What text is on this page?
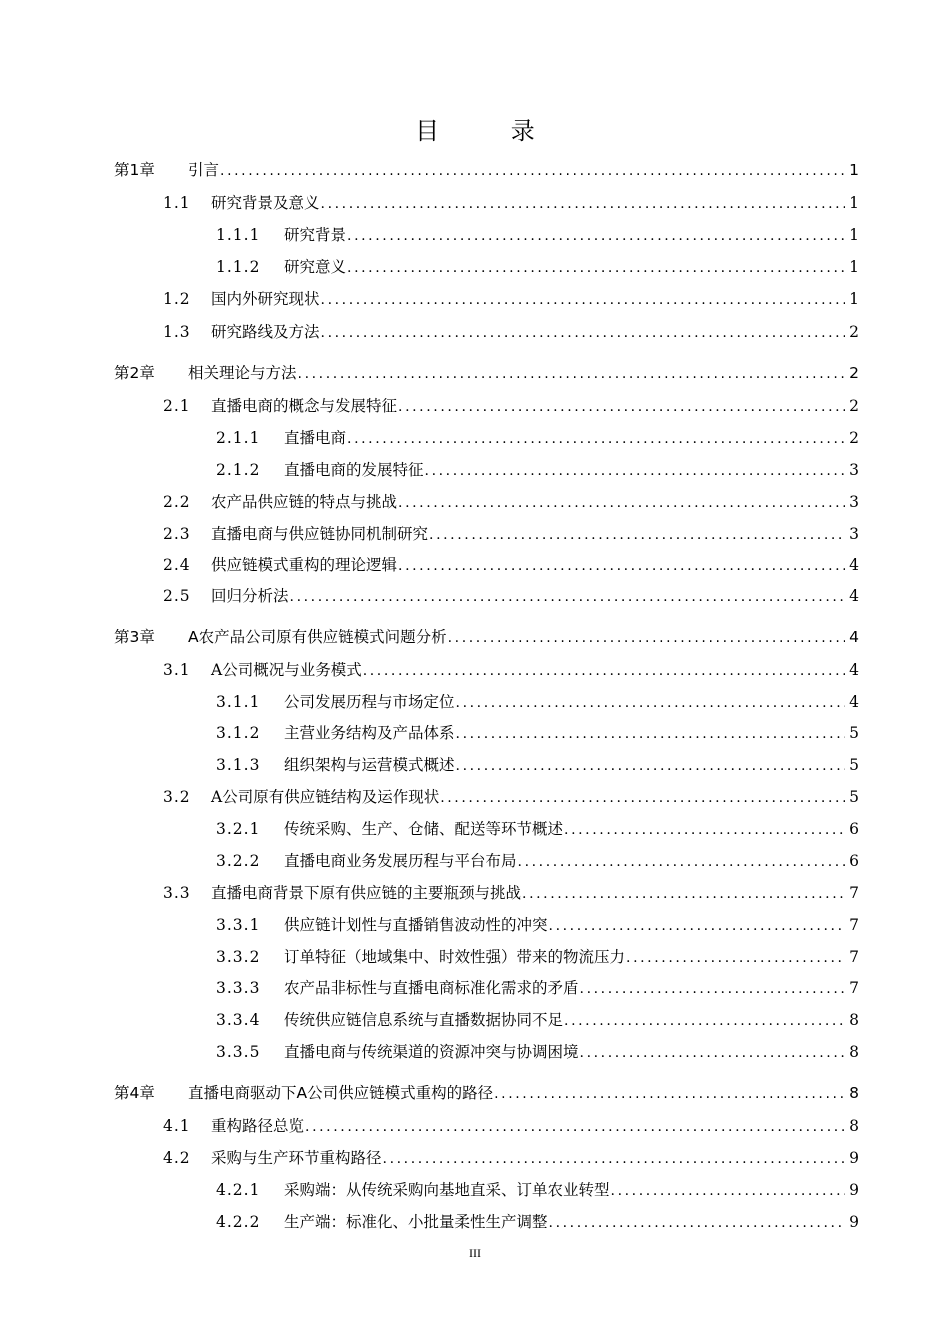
目 录
第1章	引言 .....	1
1.1	研究背景及意义 .....	1
1.1.1	研究背景 .....	1
1.1.2	研究意义 .....	1
1.2	国内外研究现状 .....	1
1.3	研究路线及方法 .....	2
第2章	相关理论与方法 .....	2
2.1	直播电商的概念与发展特征 .....	2
2.1.1	直播电商 .....	2
2.1.2	直播电商的发展特征 .....	3
2.2	农产品供应链的特点与挑战 .....	3
2.3	直播电商与供应链协同机制研究 .....	3
2.4	供应链模式重构的理论逻辑 .....	4
2.5	回归分析法 .....	4
第3章	A农产品公司原有供应链模式问题分析 .....	4
3.1	A公司概况与业务模式 .....	4
3.1.1	公司发展历程与市场定位 .....	4
3.1.2	主营业务结构及产品体系 .....	5
3.1.3	组织架构与运营模式概述 .....	5
3.2	A公司原有供应链结构及运作现状 .....	5
3.2.1	传统采购、生产、仓储、配送等环节概述 .....	6
3.2.2	直播电商业务发展历程与平台布局 .....	6
3.3	直播电商背景下原有供应链的主要瓶颈与挑战 .....	7
3.3.1	供应链计划性与直播销售波动性的冲突 .....	7
3.3.2	订单特征（地域集中、时效性强）带来的物流压力 .....	7
3.3.3	农产品非标性与直播电商标准化需求的矛盾 .....	7
3.3.4	传统供应链信息系统与直播数据协同不足 .....	8
3.3.5	直播电商与传统渠道的资源冲突与协调困境 .....	8
第4章	直播电商驱动下A公司供应链模式重构的路径 .....	8
4.1	重构路径总览 .....	8
4.2	采购与生产环节重构路径 .....	9
4.2.1	采购端：从传统采购向基地直采、订单农业转型 .....	9
4.2.2	生产端：标准化、小批量柔性生产调整 .....	9
III
